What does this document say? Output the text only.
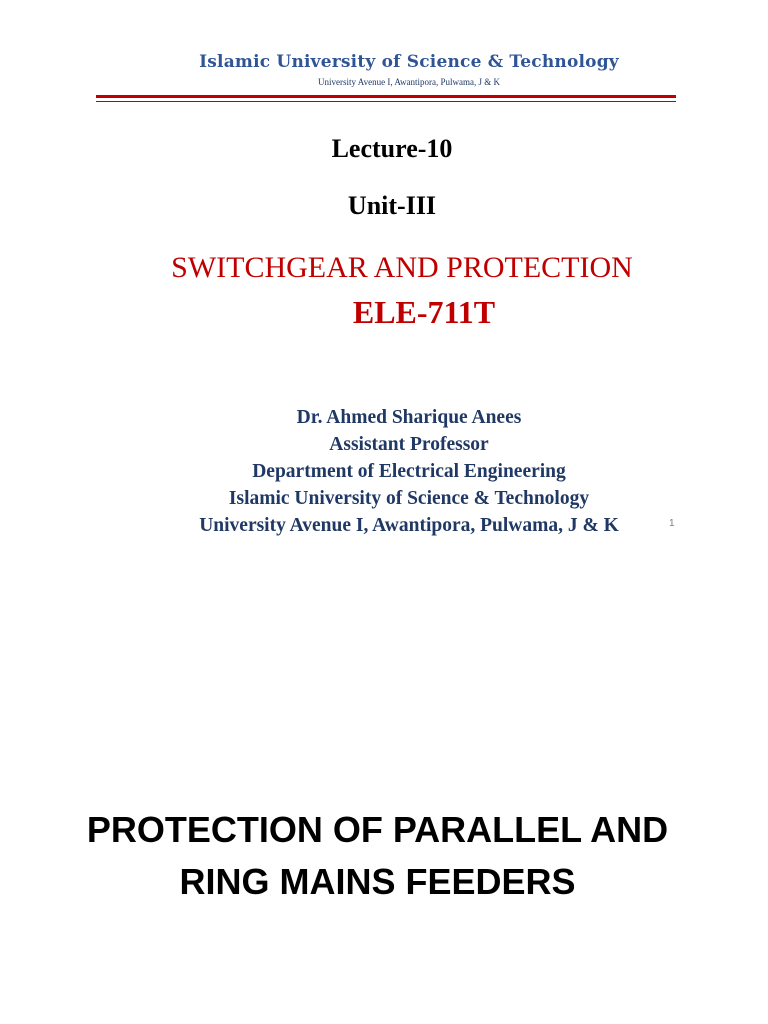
Islamic University of Science & Technology
University Avenue I, Awantipora, Pulwama, J & K
Lecture-10
Unit-III
SWITCHGEAR AND PROTECTION
ELE-711T
Dr. Ahmed Sharique Anees
Assistant Professor
Department of Electrical Engineering
Islamic University of Science & Technology
University Avenue I, Awantipora, Pulwama, J & K	1
PROTECTION OF PARALLEL AND
RING MAINS FEEDERS
